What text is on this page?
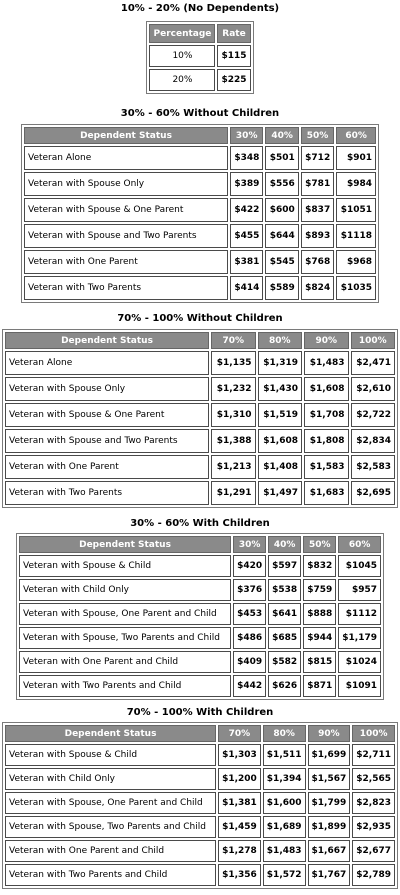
10% - 20% (No Dependents)

Percentage	Rate
10%	$115
20%	$225

30% - 60% Without Children

Dependent Status	30%	40%	50%	60%
Veteran Alone	$348	$501	$712	$901
Veteran with Spouse Only	$389	$556	$781	$984
Veteran with Spouse & One Parent	$422	$600	$837	$1051
Veteran with Spouse and Two Parents	$455	$644	$893	$1118
Veteran with One Parent	$381	$545	$768	$968
Veteran with Two Parents	$414	$589	$824	$1035

70% - 100% Without Children

Dependent Status	70%	80%	90%	100%
Veteran Alone	$1,135	$1,319	$1,483	$2,471
Veteran with Spouse Only	$1,232	$1,430	$1,608	$2,610
Veteran with Spouse & One Parent	$1,310	$1,519	$1,708	$2,722
Veteran with Spouse and Two Parents	$1,388	$1,608	$1,808	$2,834
Veteran with One Parent	$1,213	$1,408	$1,583	$2,583
Veteran with Two Parents	$1,291	$1,497	$1,683	$2,695

30% - 60% With Children

Dependent Status	30%	40%	50%	60%
Veteran with Spouse & Child	$420	$597	$832	$1045
Veteran with Child Only	$376	$538	$759	$957
Veteran with Spouse, One Parent and Child	$453	$641	$888	$1112
Veteran with Spouse, Two Parents and Child	$486	$685	$944	$1,179
Veteran with One Parent and Child	$409	$582	$815	$1024
Veteran with Two Parents and Child	$442	$626	$871	$1091

70% - 100% With Children

Dependent Status	70%	80%	90%	100%
Veteran with Spouse & Child	$1,303	$1,511	$1,699	$2,711
Veteran with Child Only	$1,200	$1,394	$1,567	$2,565
Veteran with Spouse, One Parent and Child	$1,381	$1,600	$1,799	$2,823
Veteran with Spouse, Two Parents and Child	$1,459	$1,689	$1,899	$2,935
Veteran with One Parent and Child	$1,278	$1,483	$1,667	$2,677
Veteran with Two Parents and Child	$1,356	$1,572	$1,767	$2,789
